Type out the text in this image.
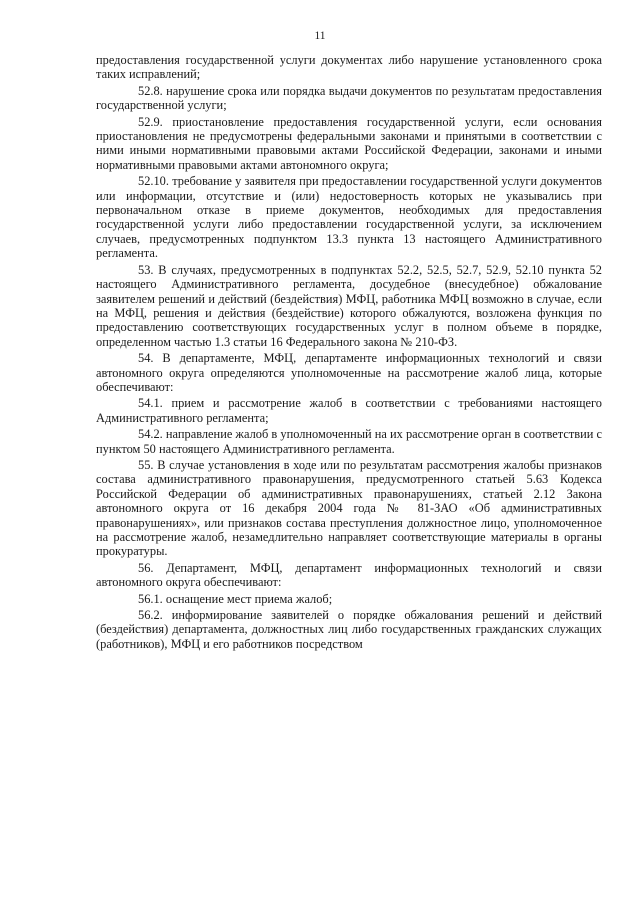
11

предоставления государственной услуги документах либо нарушение установленного срока таких исправлений;

52.8. нарушение срока или порядка выдачи документов по результатам предоставления государственной услуги;

52.9. приостановление предоставления государственной услуги, если основания приостановления не предусмотрены федеральными законами и принятыми в соответствии с ними иными нормативными правовыми актами Российской Федерации, законами и иными нормативными правовыми актами автономного округа;

52.10. требование у заявителя при предоставлении государственной услуги документов или информации, отсутствие и (или) недостоверность которых не указывались при первоначальном отказе в приеме документов, необходимых для предоставления государственной услуги либо предоставлении государственной услуги, за исключением случаев, предусмотренных подпунктом 13.3 пункта 13 настоящего Административного регламента.

53. В случаях, предусмотренных в подпунктах 52.2, 52.5, 52.7, 52.9, 52.10 пункта 52 настоящего Административного регламента, досудебное (внесудебное) обжалование заявителем решений и действий (бездействия) МФЦ, работника МФЦ возможно в случае, если на МФЦ, решения и действия (бездействие) которого обжалуются, возложена функция по предоставлению соответствующих государственных услуг в полном объеме в порядке, определенном частью 1.3 статьи 16 Федерального закона № 210-ФЗ.

54. В департаменте, МФЦ, департаменте информационных технологий и связи автономного округа определяются уполномоченные на рассмотрение жалоб лица, которые обеспечивают:

54.1. прием и рассмотрение жалоб в соответствии с требованиями настоящего Административного регламента;

54.2. направление жалоб в уполномоченный на их рассмотрение орган в соответствии с пунктом 50 настоящего Административного регламента.

55. В случае установления в ходе или по результатам рассмотрения жалобы признаков состава административного правонарушения, предусмотренного статьей 5.63 Кодекса Российской Федерации об административных правонарушениях, статьей 2.12 Закона автономного округа от 16 декабря 2004 года № 81-ЗАО «Об административных правонарушениях», или признаков состава преступления должностное лицо, уполномоченное на рассмотрение жалоб, незамедлительно направляет соответствующие материалы в органы прокуратуры.

56. Департамент, МФЦ, департамент информационных технологий и связи автономного округа обеспечивают:

56.1. оснащение мест приема жалоб;

56.2. информирование заявителей о порядке обжалования решений и действий (бездействия) департамента, должностных лиц либо государственных гражданских служащих (работников), МФЦ и его работников посредством
